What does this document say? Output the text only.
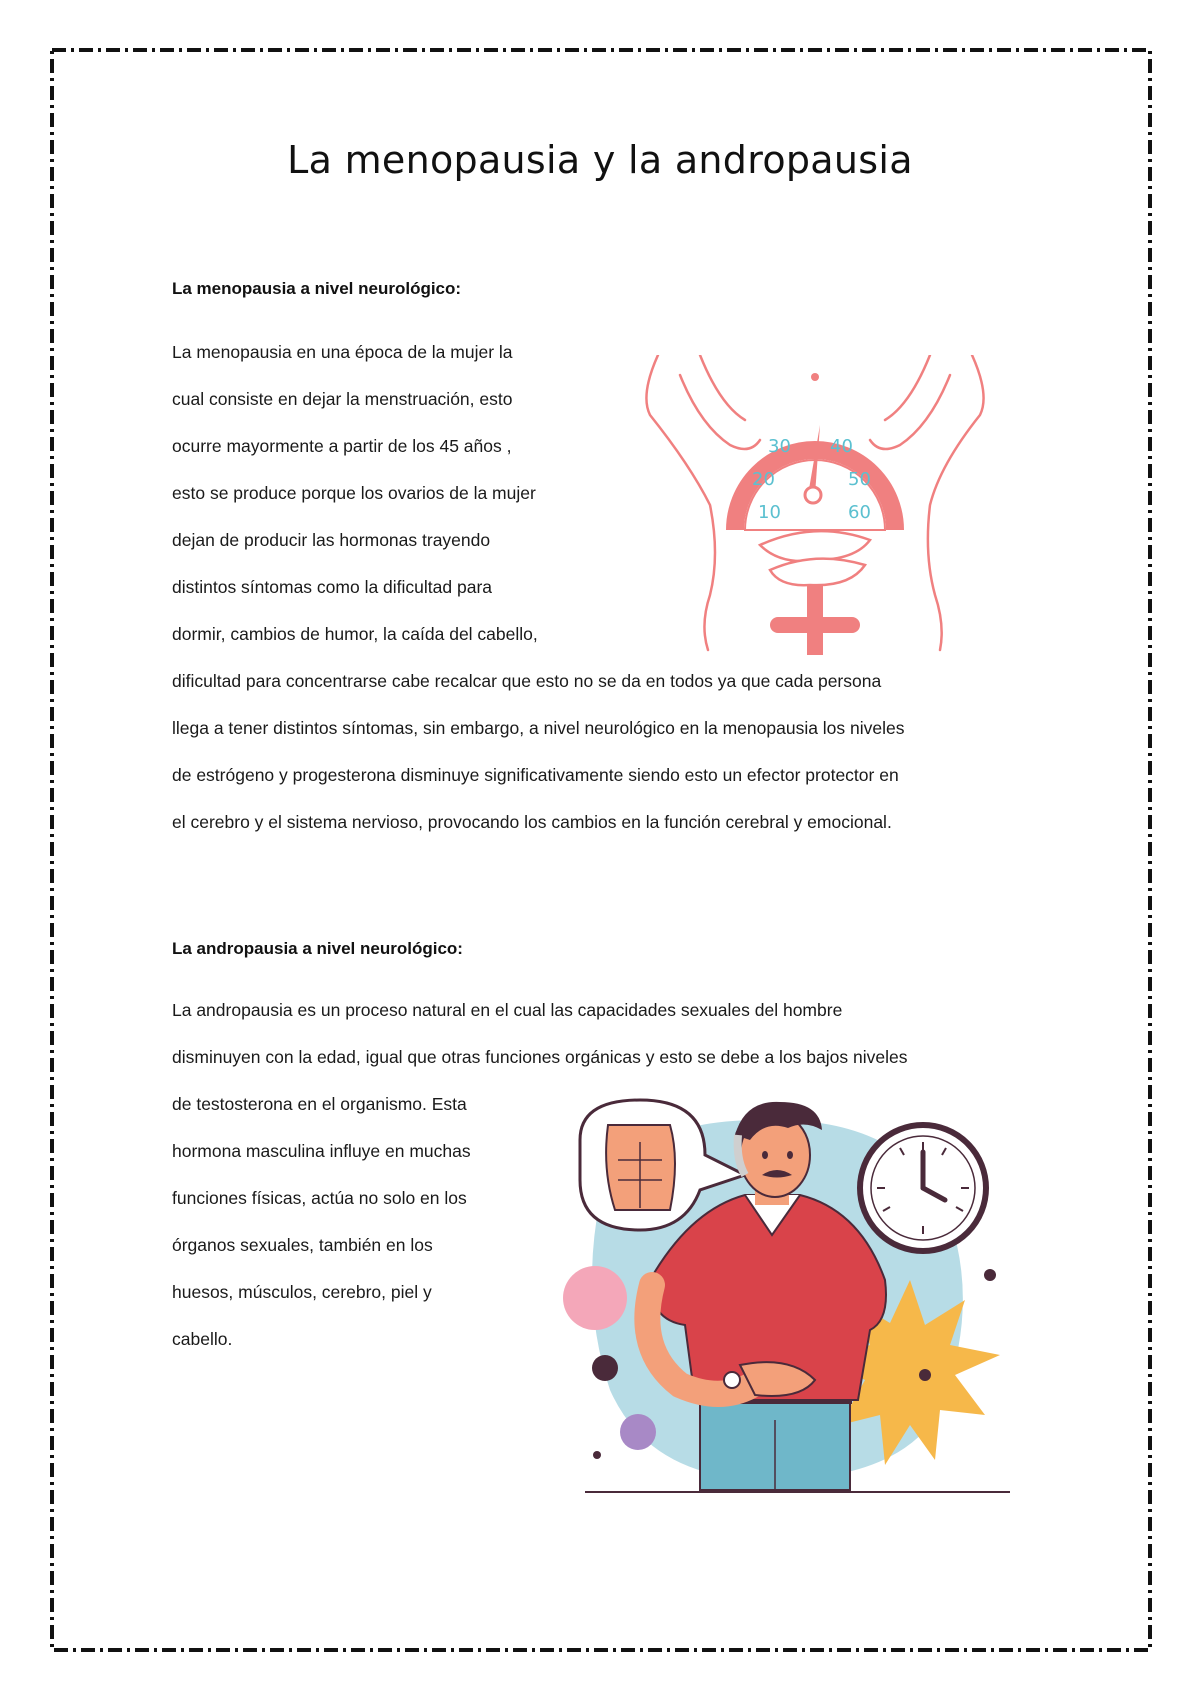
La menopausia y la andropausia

La menopausia a nivel neurológico:

La menopausia en una época de la mujer la

cual consiste en dejar la menstruación, esto

ocurre mayormente a partir de los 45 años ,

esto se produce porque los ovarios de la mujer

dejan de producir las hormonas trayendo

distintos síntomas como la dificultad para

dormir, cambios de humor, la caída del cabello,

dificultad para concentrarse cabe recalcar que esto no se da en todos ya que cada persona

llega a tener distintos síntomas, sin embargo, a nivel neurológico en la menopausia los niveles

de estrógeno y progesterona disminuye significativamente siendo esto un efector protector en

el cerebro y el sistema nervioso, provocando los cambios en la función cerebral y emocional.

30 40
20	50
10	60

La andropausia a nivel neurológico:

La andropausia es un proceso natural en el cual las capacidades sexuales del hombre

disminuyen con la edad, igual que otras funciones orgánicas y esto se debe a los bajos niveles

de testosterona en el organismo. Esta

hormona masculina influye en muchas

funciones físicas, actúa no solo en los

órganos sexuales, también en los

huesos, músculos, cerebro, piel y

cabello.
